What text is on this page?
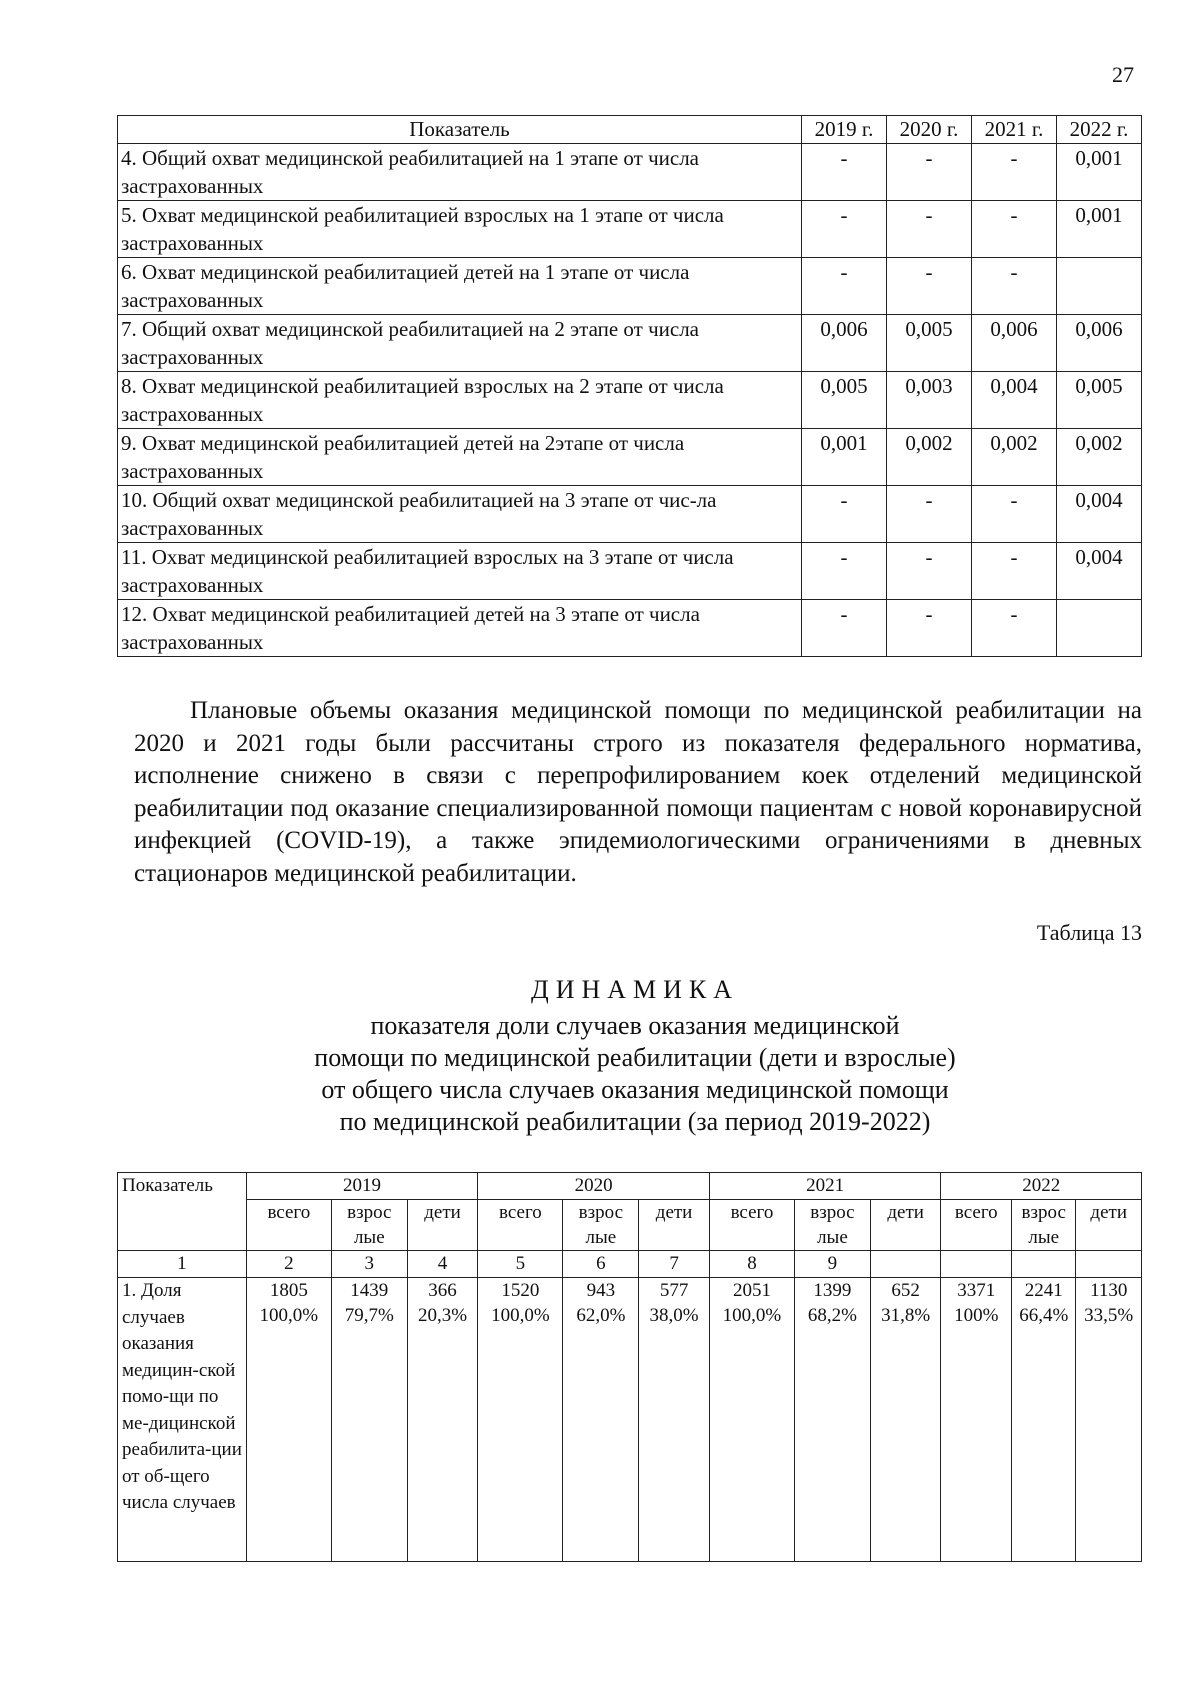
27
Показатель	2019 г.	2020 г.	2021 г.	2022 г.
4. Общий охват медицинской реабилитацией на 1 этапе от числа застрахованных	-	-	-	0,001
5. Охват медицинской реабилитацией взрослых на 1 этапе от числа застрахованных	-	-	-	0,001
6. Охват медицинской реабилитацией детей на 1 этапе от числа застрахованных	-	-	-	
7. Общий охват медицинской реабилитацией на 2 этапе от числа застрахованных	0,006	0,005	0,006	0,006
8. Охват медицинской реабилитацией взрослых на 2 этапе от числа застрахованных	0,005	0,003	0,004	0,005
9. Охват медицинской реабилитацией детей на 2этапе от числа застрахованных	0,001	0,002	0,002	0,002
10. Общий охват медицинской реабилитацией на 3 этапе от чис-ла застрахованных	-	-	-	0,004
11. Охват медицинской реабилитацией взрослых на 3 этапе от числа застрахованных	-	-	-	0,004
12. Охват медицинской реабилитацией детей на 3 этапе от числа застрахованных	-	-	-	
Плановые объемы оказания медицинской помощи по медицинской реабилитации на 2020 и 2021 годы были рассчитаны строго из показателя федерального норматива, исполнение снижено в связи с перепрофилированием коек отделений медицинской реабилитации под оказание специализированной помощи пациентам с новой коронавирусной инфекцией (COVID-19), а также эпидемиологическими ограничениями в дневных стационаров медицинской реабилитации.
Таблица 13
ДИНАМИКА
показателя доли случаев оказания медицинской
помощи по медицинской реабилитации (дети и взрослые)
от общего числа случаев оказания медицинской помощи
по медицинской реабилитации (за период 2019-2022)
Показатель	2019			2020			2021			2022		
	всего	взрос лые	дети	всего	взрос лые	дети	всего	взрос лые	дети	всего	взрос лые	дети
1	2	3	4	5	6	7	8	9				
1. Доля случаев оказания медицин-ской помо-щи по ме-дицинской реабилита-ции от об-щего числа случаев	1805	1439	366	1520	943	577	2051	1399	652	3371	2241	1130
	100,0%	79,7%	20,3%	100,0%	62,0%	38,0%	100,0%	68,2%	31,8%	100%	66,4%	33,5%
